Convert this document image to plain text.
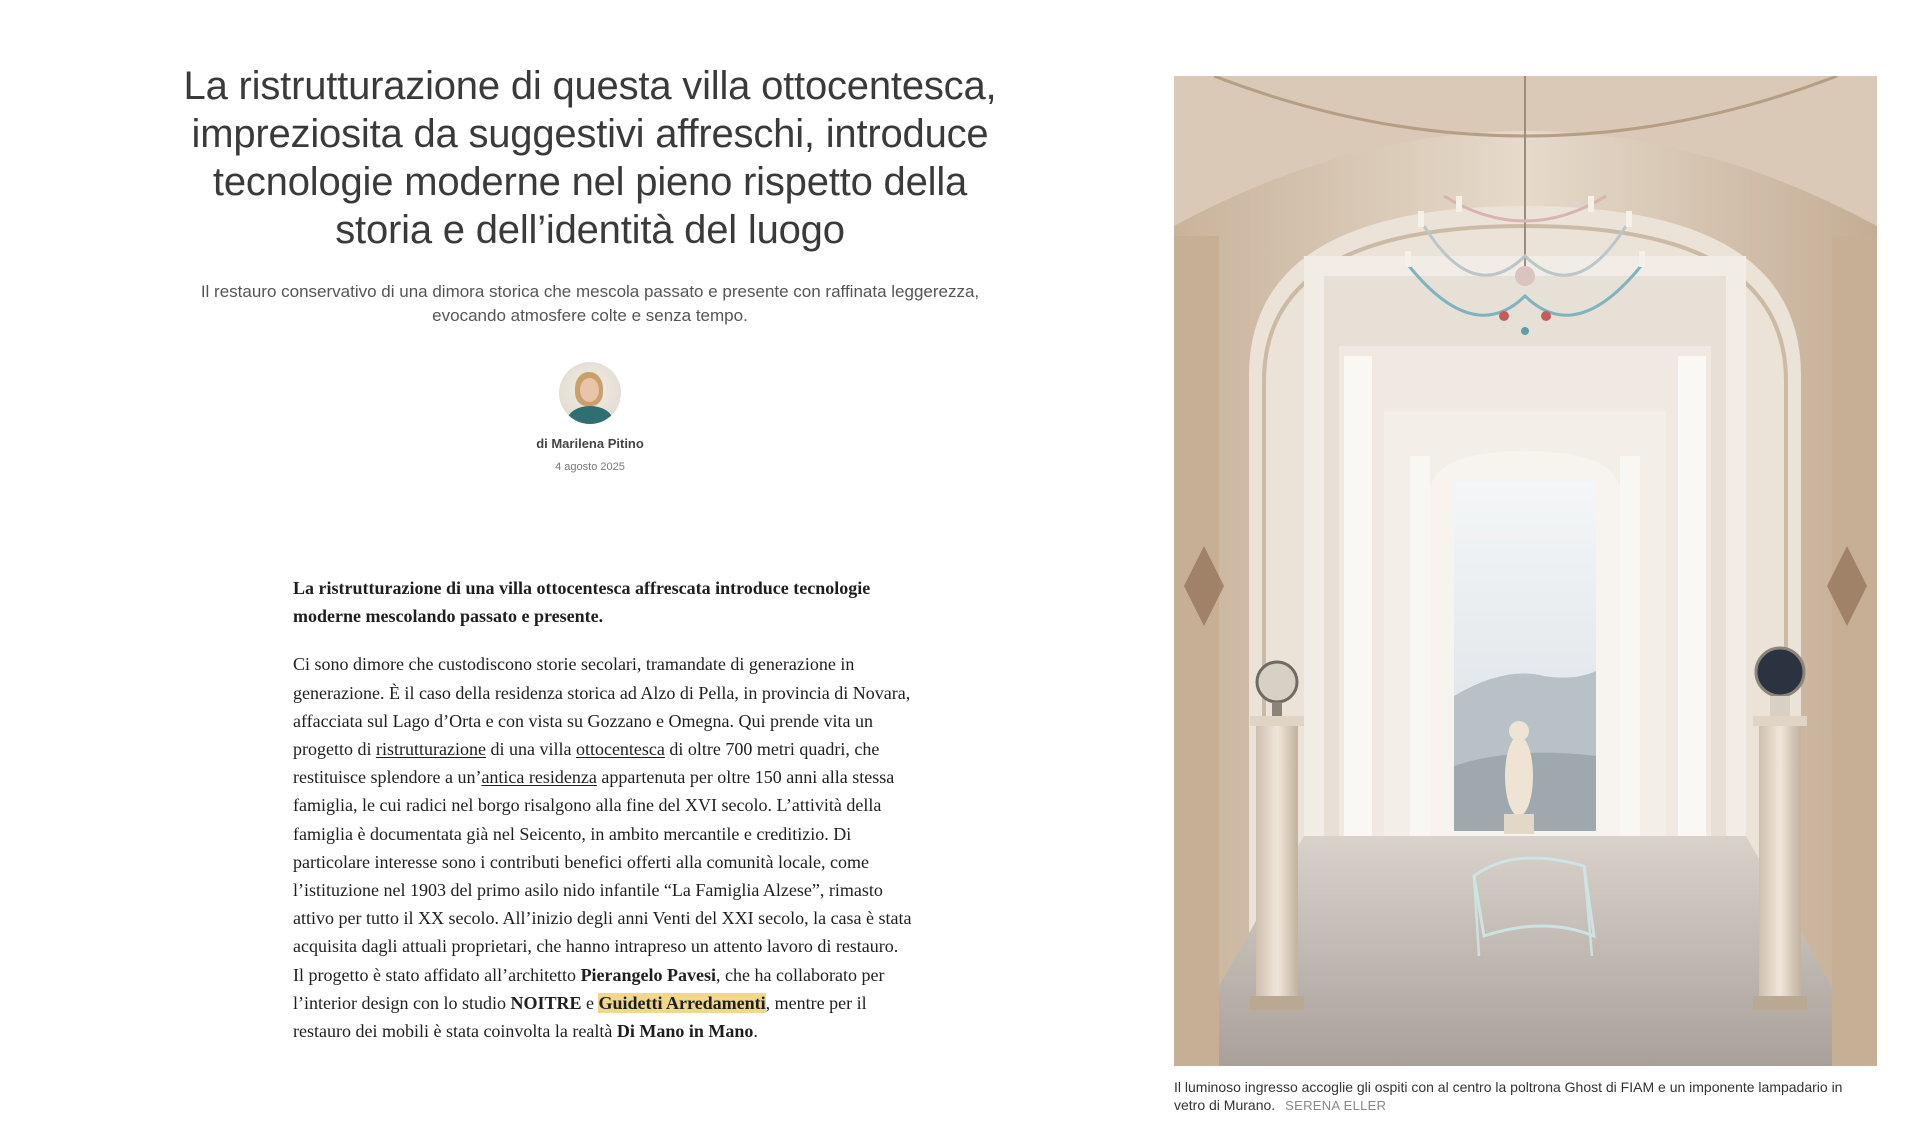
La ristrutturazione di questa villa ottocentesca, impreziosita da suggestivi affreschi, introduce tecnologie moderne nel pieno rispetto della storia e dell’identità del luogo

Il restauro conservativo di una dimora storica che mescola passato e presente con raffinata leggerezza, evocando atmosfere colte e senza tempo.

di Marilena Pitino
4 agosto 2025

La ristrutturazione di una villa ottocentesca affrescata introduce tecnologie moderne mescolando passato e presente.

Ci sono dimore che custodiscono storie secolari, tramandate di generazione in generazione. È il caso della residenza storica ad Alzo di Pella, in provincia di Novara, affacciata sul Lago d’Orta e con vista su Gozzano e Omegna. Qui prende vita un progetto di ristrutturazione di una villa ottocentesca di oltre 700 metri quadri, che restituisce splendore a un’antica residenza appartenuta per oltre 150 anni alla stessa famiglia, le cui radici nel borgo risalgono alla fine del XVI secolo. L’attività della famiglia è documentata già nel Seicento, in ambito mercantile e creditizio. Di particolare interesse sono i contributi benefici offerti alla comunità locale, come l’istituzione nel 1903 del primo asilo nido infantile “La Famiglia Alzese”, rimasto attivo per tutto il XX secolo. All’inizio degli anni Venti del XXI secolo, la casa è stata acquisita dagli attuali proprietari, che hanno intrapreso un attento lavoro di restauro. Il progetto è stato affidato all’architetto Pierangelo Pavesi, che ha collaborato per l’interior design con lo studio NOITRE e Guidetti Arredamenti, mentre per il restauro dei mobili è stata coinvolta la realtà Di Mano in Mano.

Il luminoso ingresso accoglie gli ospiti con al centro la poltrona Ghost di FIAM e un imponente lampadario in vetro di Murano. SERENA ELLER
